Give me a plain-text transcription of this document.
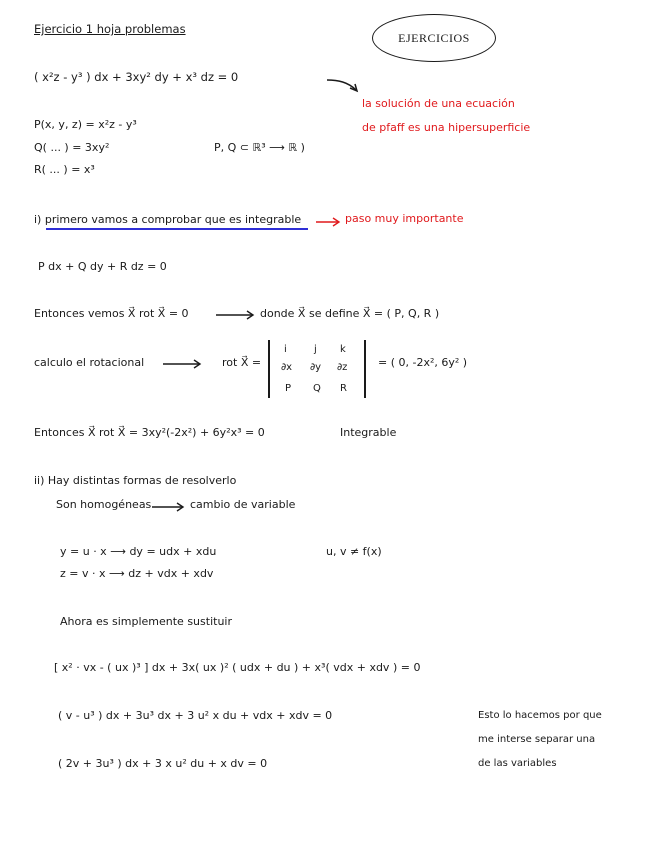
Ejercicio 1 hoja problemas
EJERCICIOS
( x²z - y³ ) dx + 3xy² dy + x³ dz = 0
la solución de una ecuación
de pfaff es una hipersuperficie
P(x, y, z) = x²z - y³
Q( ... ) = 3xy²	P, Q ⊂ ℝ³ ⟶ ℝ )
R( ... ) = x³
i) primero vamos a comprobar que es integrable	paso muy importante
P dx + Q dy + R dz = 0
Entonces vemos X⃗ rot X⃗ = 0	donde X⃗ se define X⃗ = ( P, Q, R )
calculo el rotacional	rot X⃗ =
i	j k
∂x ∂y ∂z
P Q R
= ( 0, -2x², 6y² )
Entonces X⃗ rot X⃗ = 3xy²(-2x²) + 6y²x³ = 0	Integrable
ii) Hay distintas formas de resolverlo
Son homogéneas	cambio de variable
y = u · x ⟶ dy = udx + xdu	u, v ≠ f(x)
z = v · x ⟶ dz + vdx + xdv
Ahora es simplemente sustituir
[ x² · vx - ( ux )³ ] dx + 3x( ux )² ( udx + du ) + x³( vdx + xdv ) = 0
( v - u³ ) dx + 3u³ dx + 3 u² x du + vdx + xdv = 0	Esto lo hacemos por que
me interse separar una
( 2v + 3u³ ) dx + 3 x u² du + x dv = 0	de las variables
